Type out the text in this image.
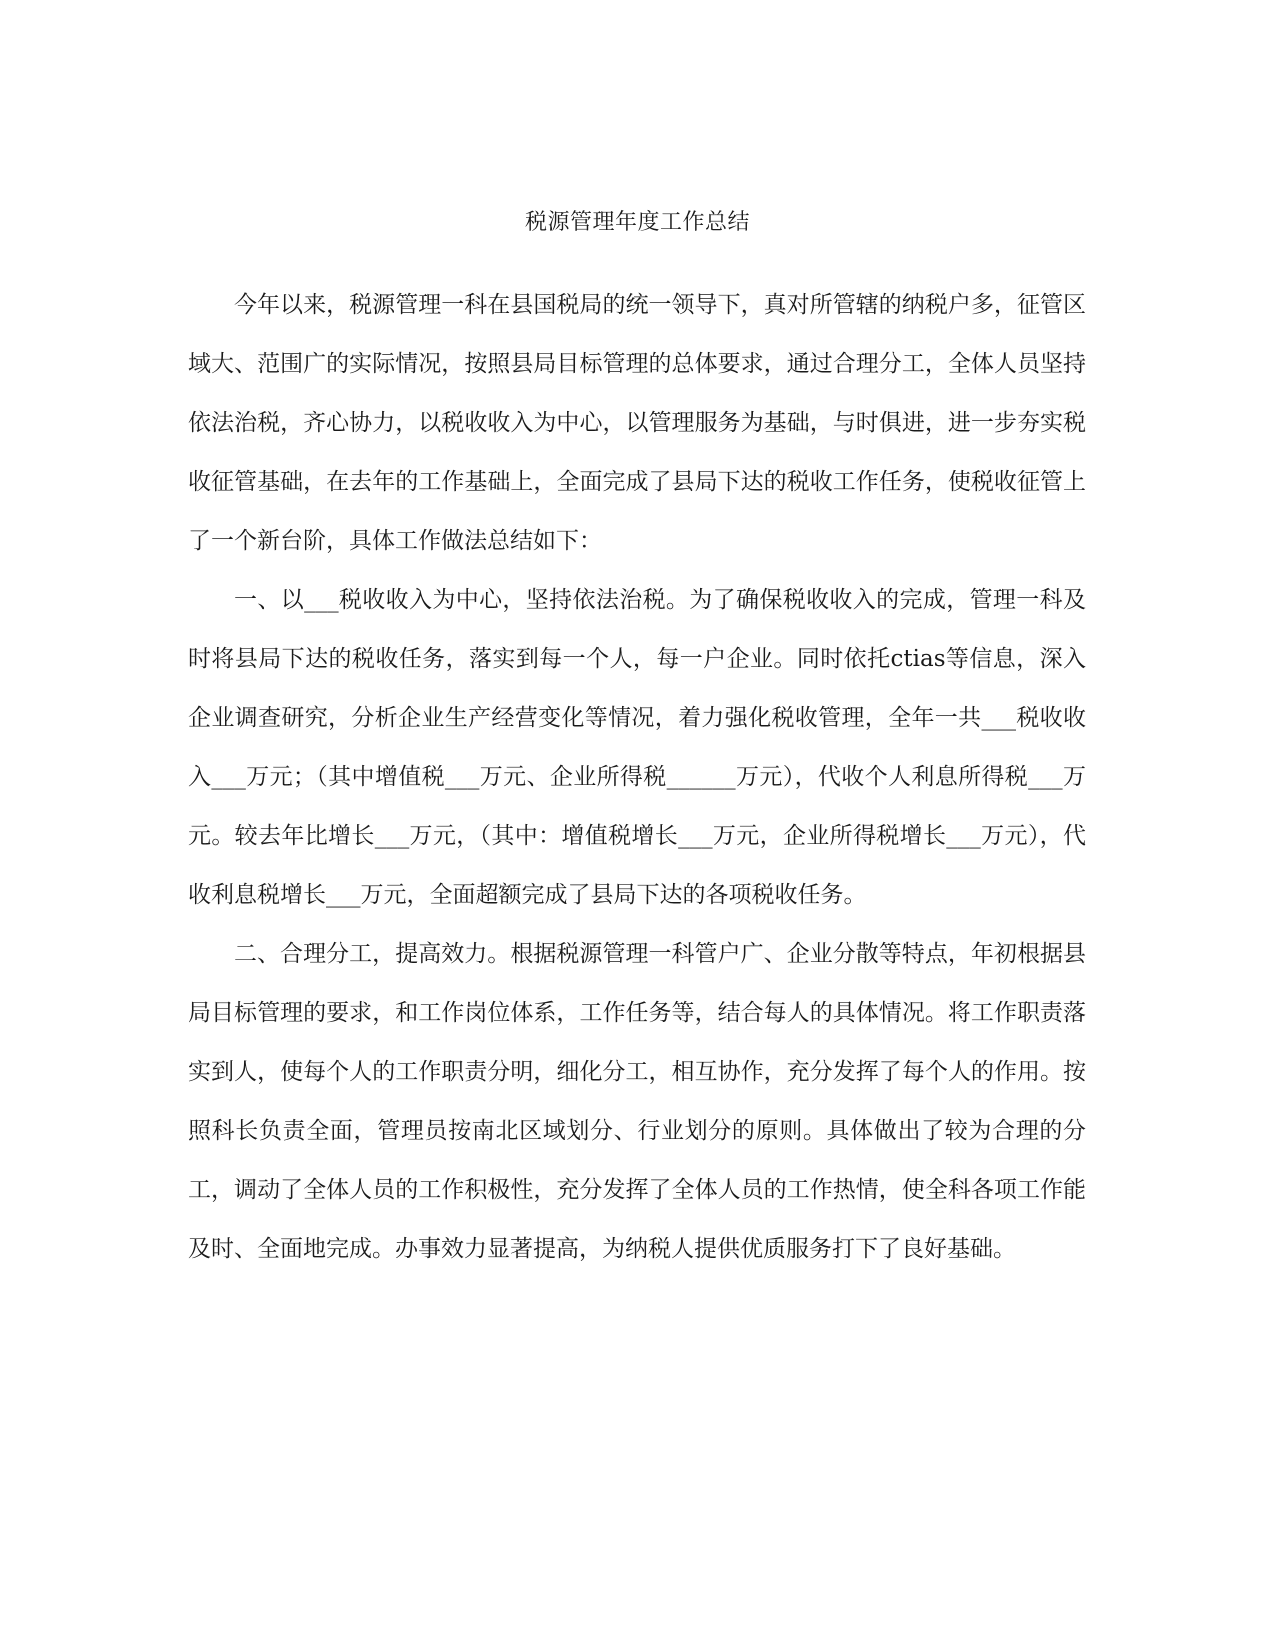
税源管理年度工作总结

今年以来，税源管理一科在县国税局的统一领导下，真对所管辖的纳税户多，征管区域大、范围广的实际情况，按照县局目标管理的总体要求，通过合理分工，全体人员坚持依法治税，齐心协力，以税收收入为中心，以管理服务为基础，与时俱进，进一步夯实税收征管基础，在去年的工作基础上，全面完成了县局下达的税收工作任务，使税收征管上了一个新台阶，具体工作做法总结如下：

一、以___税收收入为中心，坚持依法治税。为了确保税收收入的完成，管理一科及时将县局下达的税收任务，落实到每一个人，每一户企业。同时依托ctias等信息，深入企业调查研究，分析企业生产经营变化等情况，着力强化税收管理，全年一共___税收收入___万元；（其中增值税___万元、企业所得税______万元），代收个人利息所得税___万元。较去年比增长___万元，（其中：增值税增长___万元，企业所得税增长___万元），代收利息税增长___万元，全面超额完成了县局下达的各项税收任务。

二、合理分工，提高效力。根据税源管理一科管户广、企业分散等特点，年初根据县局目标管理的要求，和工作岗位体系，工作任务等，结合每人的具体情况。将工作职责落实到人，使每个人的工作职责分明，细化分工，相互协作，充分发挥了每个人的作用。按照科长负责全面，管理员按南北区域划分、行业划分的原则。具体做出了较为合理的分工，调动了全体人员的工作积极性，充分发挥了全体人员的工作热情，使全科各项工作能及时、全面地完成。办事效力显著提高，为纳税人提供优质服务打下了良好基础。
